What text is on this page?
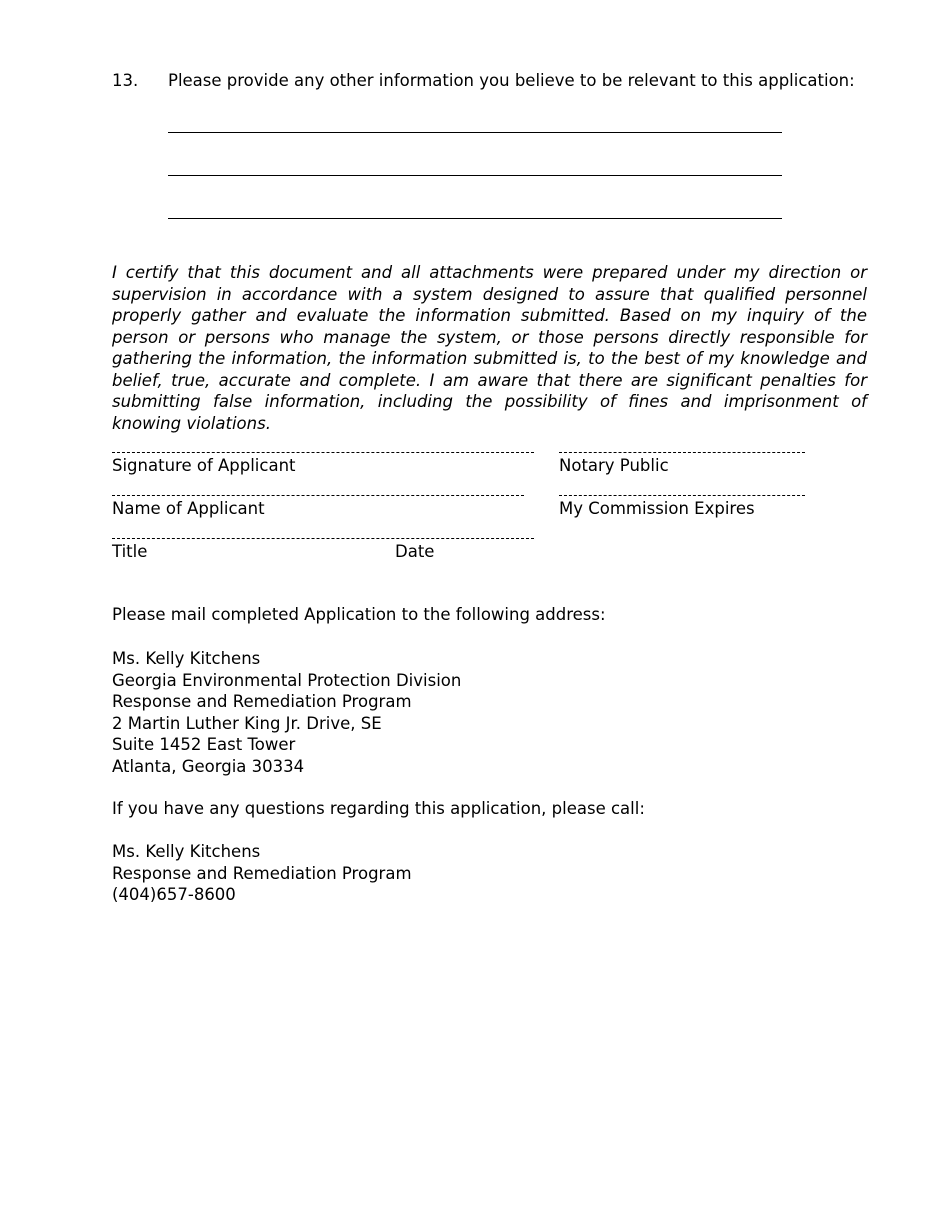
13. Please provide any other information you believe to be relevant to this application:
I certify that this document and all attachments were prepared under my direction or supervision in accordance with a system designed to assure that qualified personnel properly gather and evaluate the information submitted. Based on my inquiry of the person or persons who manage the system, or those persons directly responsible for gathering the information, the information submitted is, to the best of my knowledge and belief, true, accurate and complete. I am aware that there are significant penalties for submitting false information, including the possibility of fines and imprisonment of knowing violations.
Signature of Applicant	Notary Public
Name of Applicant	My Commission Expires
Title	Date
Please mail completed Application to the following address:
Ms. Kelly Kitchens
Georgia Environmental Protection Division
Response and Remediation Program
2 Martin Luther King Jr. Drive, SE
Suite 1452 East Tower
Atlanta, Georgia 30334
If you have any questions regarding this application, please call:
Ms. Kelly Kitchens
Response and Remediation Program
(404)657-8600
